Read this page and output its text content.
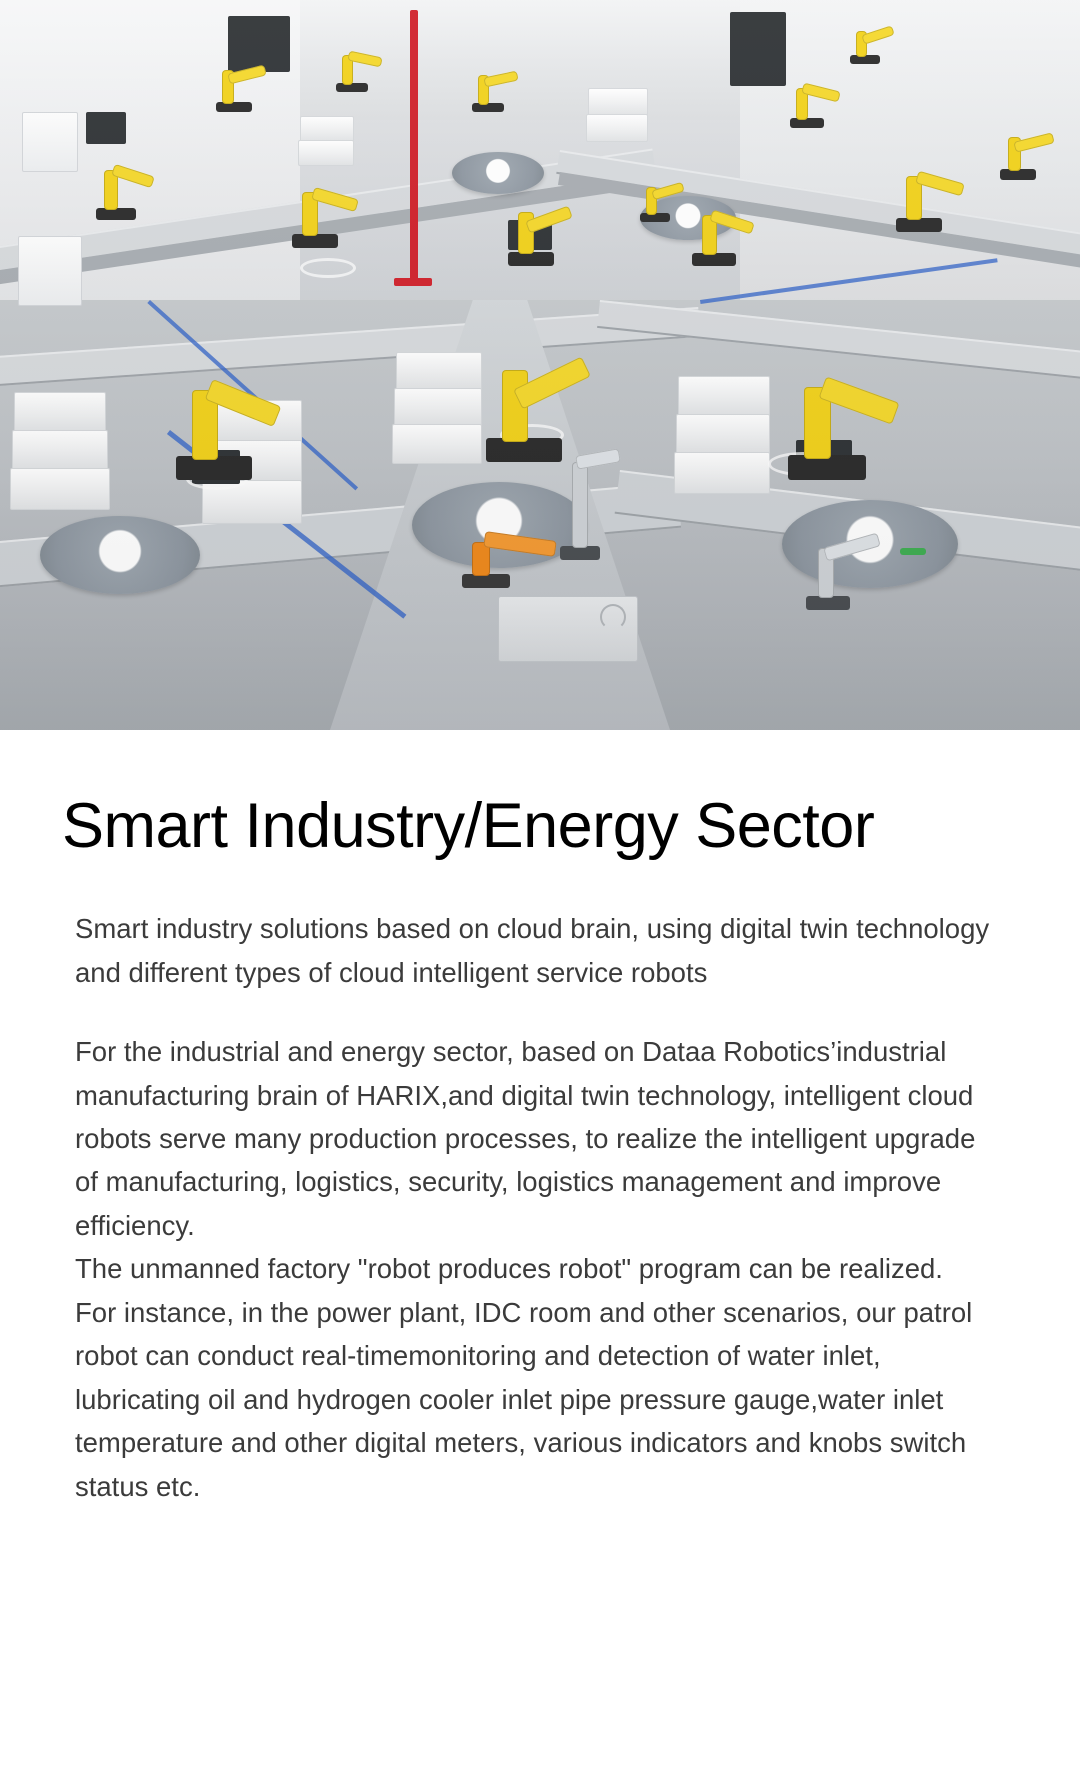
Smart Industry/Energy Sector

Smart industry solutions based on cloud brain, using digital twin technology and different types of cloud intelligent service robots

For the industrial and energy sector, based on Dataa Robotics’industrial manufacturing brain of HARIX,and digital twin technology, intelligent cloud robots serve many production processes, to realize the intelligent upgrade of manufacturing, logistics, security, logistics management and improve efficiency.

The unmanned factory "robot produces robot" program can be realized.

For instance, in the power plant, IDC room and other scenarios, our patrol robot can conduct real-timemonitoring and detection of water inlet, lubricating oil and hydrogen cooler inlet pipe pressure gauge,water inlet temperature and other digital meters, various indicators and knobs switch status etc.
